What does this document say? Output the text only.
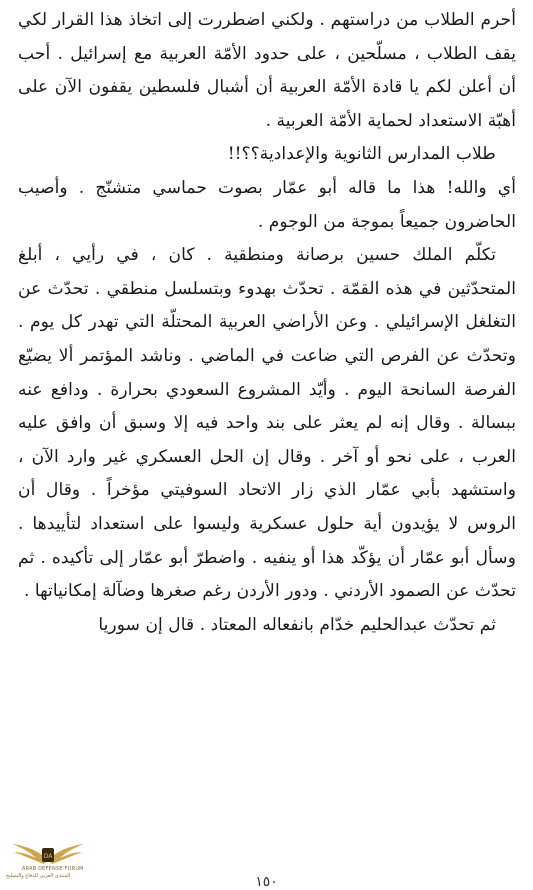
أحرم الطلاب من دراستهم . ولكني اضطررت إلى اتخاذ هذا القرار لكي يقف الطلاب ، مسلّحين ، على حدود الأمّة العربية مع إسرائيل . أحب أن أعلن لكم يا قادة الأمّة العربية أن أشبال فلسطين يقفون الآن على أهبّة الاستعداد لحماية الأمّة العربية .

طلاب المدارس الثانوية والإعدادية؟؟!!

أي والله! هذا ما قاله أبو عمّار بصوت حماسي متشنّج . وأصيب الحاضرون جميعاً بموجة من الوجوم .

تكلّم الملك حسين برصانة ومنطقية . كان ، في رأيي ، أبلغ المتحدّثين في هذه القمّة . تحدّث بهدوء وبتسلسل منطقي . تحدّث عن التغلغل الإسرائيلي . وعن الأراضي العربية المحتلّة التي تهدر كل يوم . وتحدّث عن الفرص التي ضاعت في الماضي . وناشد المؤتمر ألا يضيّع الفرصة السانحة اليوم . وأيّد المشروع السعودي بحرارة . ودافع عنه ببسالة . وقال إنه لم يعثر على بند واحد فيه إلا وسبق أن وافق عليه العرب ، على نحو أو آخر . وقال إن الحل العسكري غير وارد الآن ، واستشهد بأبي عمّار الذي زار الاتحاد السوفيتي مؤخراً . وقال أن الروس لا يؤيدون أية حلول عسكرية وليسوا على استعداد لتأييدها . وسأل أبو عمّار أن يؤكّد هذا أو ينفيه . واضطرّ أبو عمّار إلى تأكيده . ثم تحدّث عن الصمود الأردني . ودور الأردن رغم صغرها وضآلة إمكانياتها .

ثم تحدّث عبدالحليم خدّام بانفعاله المعتاد . قال إن سوريا

DA
ARAB DEFENSE FORUM
المنتدى العربي للدفاع والتسليح	١٥٠
